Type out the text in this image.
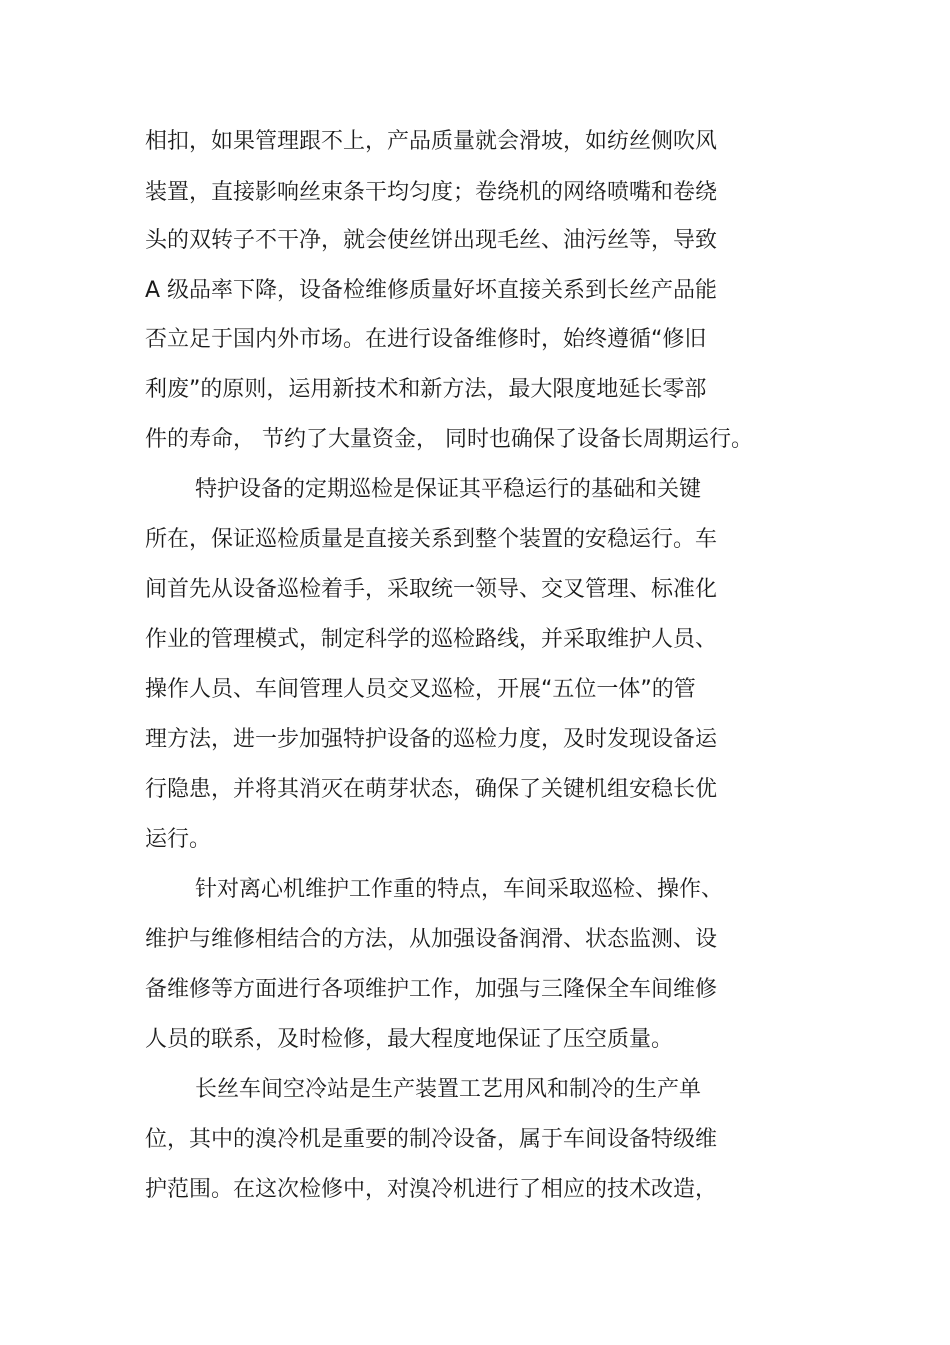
相扣，如果管理跟不上，产品质量就会滑坡，如纺丝侧吹风
装置，直接影响丝束条干均匀度；卷绕机的网络喷嘴和卷绕
头的双转子不干净，就会使丝饼出现毛丝、油污丝等，导致
A 级品率下降，设备检维修质量好坏直接关系到长丝产品能
否立足于国内外市场。在进行设备维修时，始终遵循“修旧
利废”的原则，运用新技术和新方法，最大限度地延长零部
件的寿命， 节约了大量资金， 同时也确保了设备长周期运行。
特护设备的定期巡检是保证其平稳运行的基础和关键
所在，保证巡检质量是直接关系到整个装置的安稳运行。车
间首先从设备巡检着手，采取统一领导、交叉管理、标准化
作业的管理模式，制定科学的巡检路线，并采取维护人员、
操作人员、车间管理人员交叉巡检，开展“五位一体”的管
理方法，进一步加强特护设备的巡检力度，及时发现设备运
行隐患，并将其消灭在萌芽状态，确保了关键机组安稳长优
运行。
针对离心机维护工作重的特点，车间采取巡检、操作、
维护与维修相结合的方法，从加强设备润滑、状态监测、设
备维修等方面进行各项维护工作，加强与三隆保全车间维修
人员的联系，及时检修，最大程度地保证了压空质量。
长丝车间空冷站是生产装置工艺用风和制冷的生产单
位，其中的溴冷机是重要的制冷设备，属于车间设备特级维
护范围。在这次检修中，对溴冷机进行了相应的技术改造，
